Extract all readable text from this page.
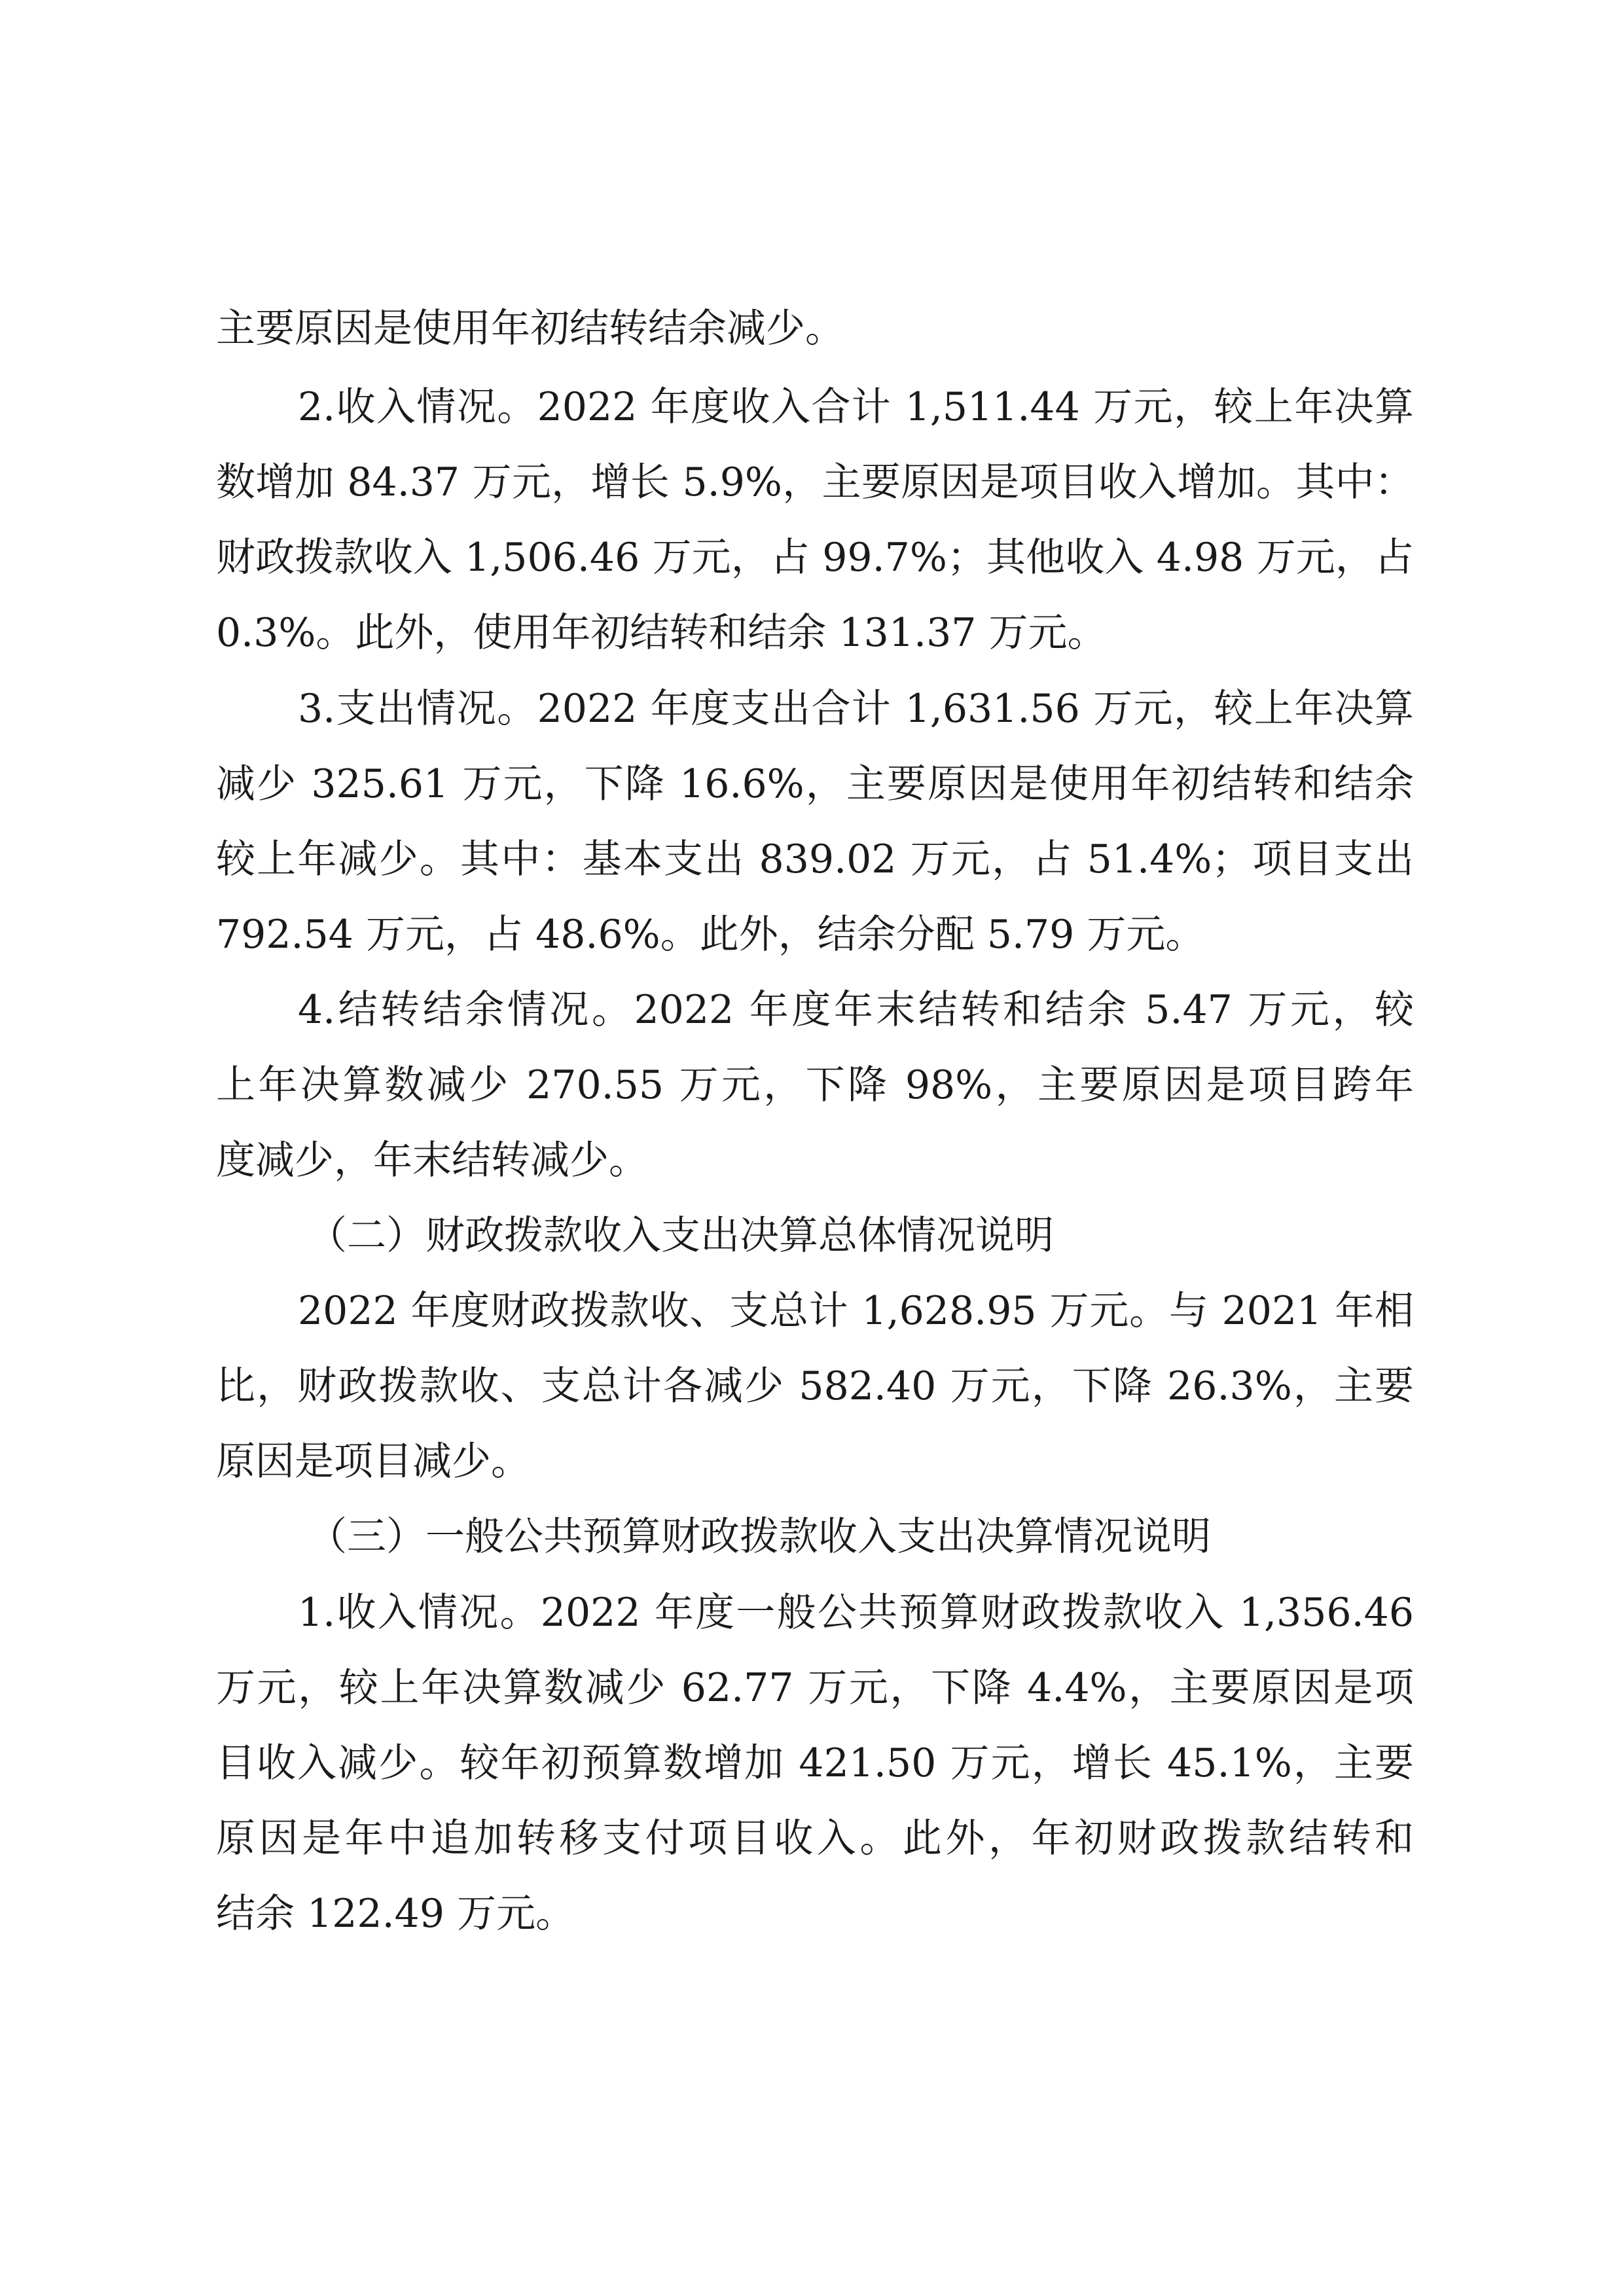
主要原因是使用年初结转结余减少。
2.收入情况。2022 年度收入合计 1,511.44 万元，较上年决算
数增加 84.37 万元，增长 5.9%，主要原因是项目收入增加。其中：
财政拨款收入 1,506.46 万元，占 99.7%；其他收入 4.98 万元，占
0.3%。此外，使用年初结转和结余 131.37 万元。
3.支出情况。2022 年度支出合计 1,631.56 万元，较上年决算
减少 325.61 万元，下降 16.6%，主要原因是使用年初结转和结余
较上年减少。其中：基本支出 839.02 万元，占 51.4%；项目支出
792.54 万元，占 48.6%。此外，结余分配 5.79 万元。
4.结转结余情况。2022 年度年末结转和结余 5.47 万元，较
上年决算数减少 270.55 万元，下降 98%，主要原因是项目跨年
度减少，年末结转减少。
（二）财政拨款收入支出决算总体情况说明
2022 年度财政拨款收、支总计 1,628.95 万元。与 2021 年相
比，财政拨款收、支总计各减少 582.40 万元，下降 26.3%，主要
原因是项目减少。
（三）一般公共预算财政拨款收入支出决算情况说明
1.收入情况。2022 年度一般公共预算财政拨款收入 1,356.46
万元，较上年决算数减少 62.77 万元，下降 4.4%，主要原因是项
目收入减少。较年初预算数增加 421.50 万元，增长 45.1%，主要
原因是年中追加转移支付项目收入。此外，年初财政拨款结转和
结余 122.49 万元。
